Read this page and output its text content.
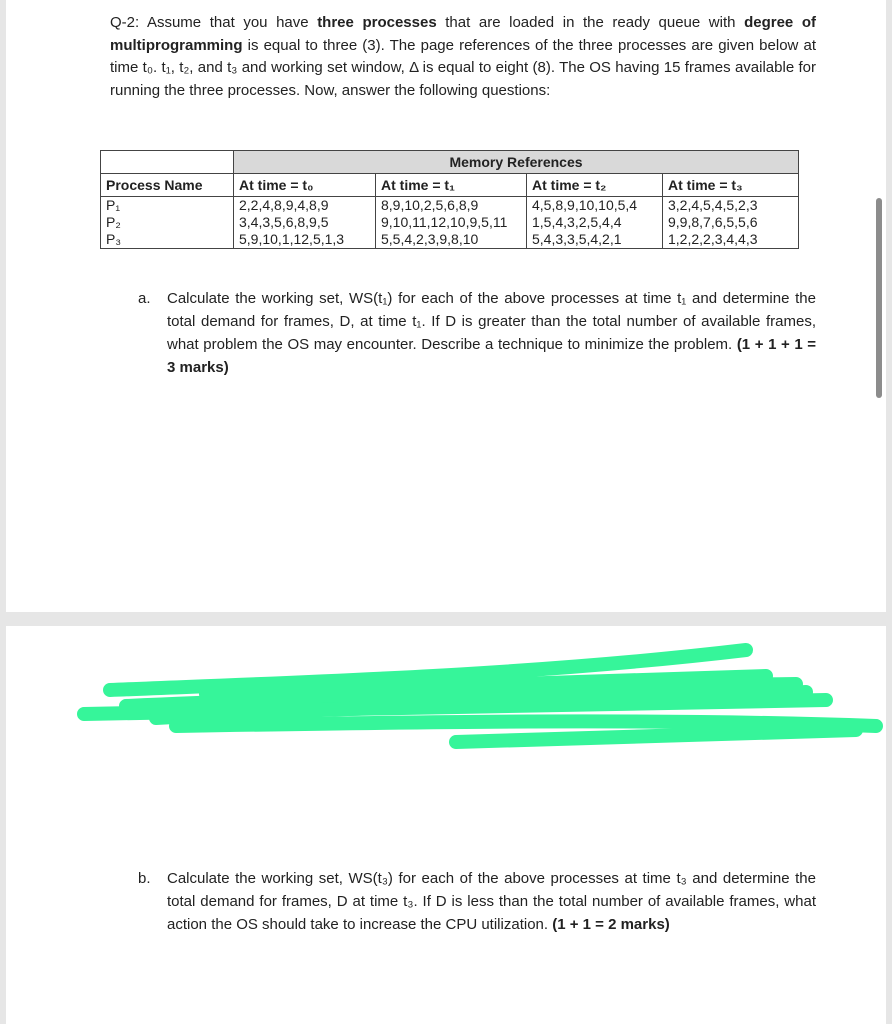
Q-2: Assume that you have three processes that are loaded in the ready queue with degree of multiprogramming is equal to three (3). The page references of the three processes are given below at time t₀. t₁, t₂, and t₃ and working set window, Δ is equal to eight (8). The OS having 15 frames available for running the three processes. Now, answer the following questions:

	Memory References			
Process Name	At time = t₀	At time = t₁	At time = t₂	At time = t₃
P₁	2,2,4,8,9,4,8,9	8,9,10,2,5,6,8,9	4,5,8,9,10,10,5,4	3,2,4,5,4,5,2,3
P₂	3,4,3,5,6,8,9,5	9,10,11,12,10,9,5,11	1,5,4,3,2,5,4,4	9,9,8,7,6,5,5,6
P₃	5,9,10,1,12,5,1,3	5,5,4,2,3,9,8,10	5,4,3,3,5,4,2,1	1,2,2,2,3,4,4,3
a. Calculate the working set, WS(t₁) for each of the above processes at time t₁ and determine the total demand for frames, D, at time t₁. If D is greater than the total number of available frames, what problem the OS may encounter. Describe a technique to minimize the problem. (1 + 1 + 1 = 3 marks)
b. Calculate the working set, WS(t₃) for each of the above processes at time t₃ and determine the total demand for frames, D at time t₃. If D is less than the total number of available frames, what action the OS should take to increase the CPU utilization. (1 + 1 = 2 marks)
